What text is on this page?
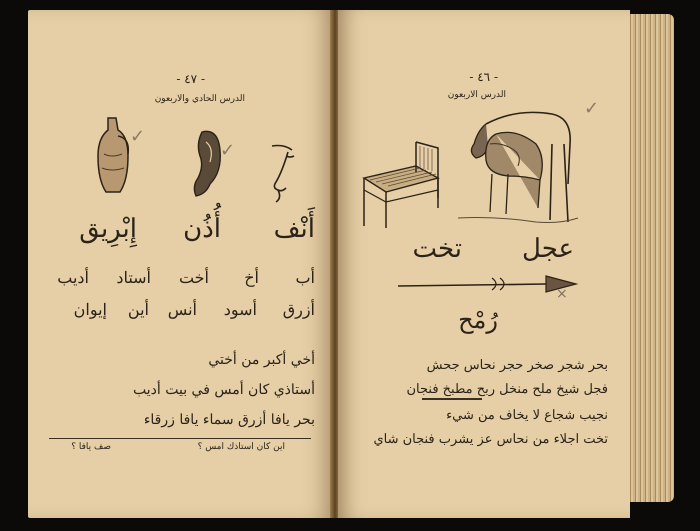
- ٤٧ -
الدرس الحادي والاربعون
✓
✓
أَنْف
أُذُن
إِبْرِيق
أب
أخ
أخت
أستاد
أديب
أزرق
أسود
أنس
أين
إيوان
أخي أكبر من أختي
أستاذي كان أمس في بيت أديب
بحر يافا أزرق سماء يافا زرقاء
اين كان استاذك امس ؟
صف يافا ؟
- ٤٦ -
الدرس الاربعون
✓
عجل
تخت
×
رُمْح
بحر شجر صخر حجر نحاس جحش
فجل شيخ ملح منخل ربح مطبخ فنجان
نجيب شجاع لا يخاف من شيء
تخت اجلاء من نحاس عز يشرب فنجان شاي
